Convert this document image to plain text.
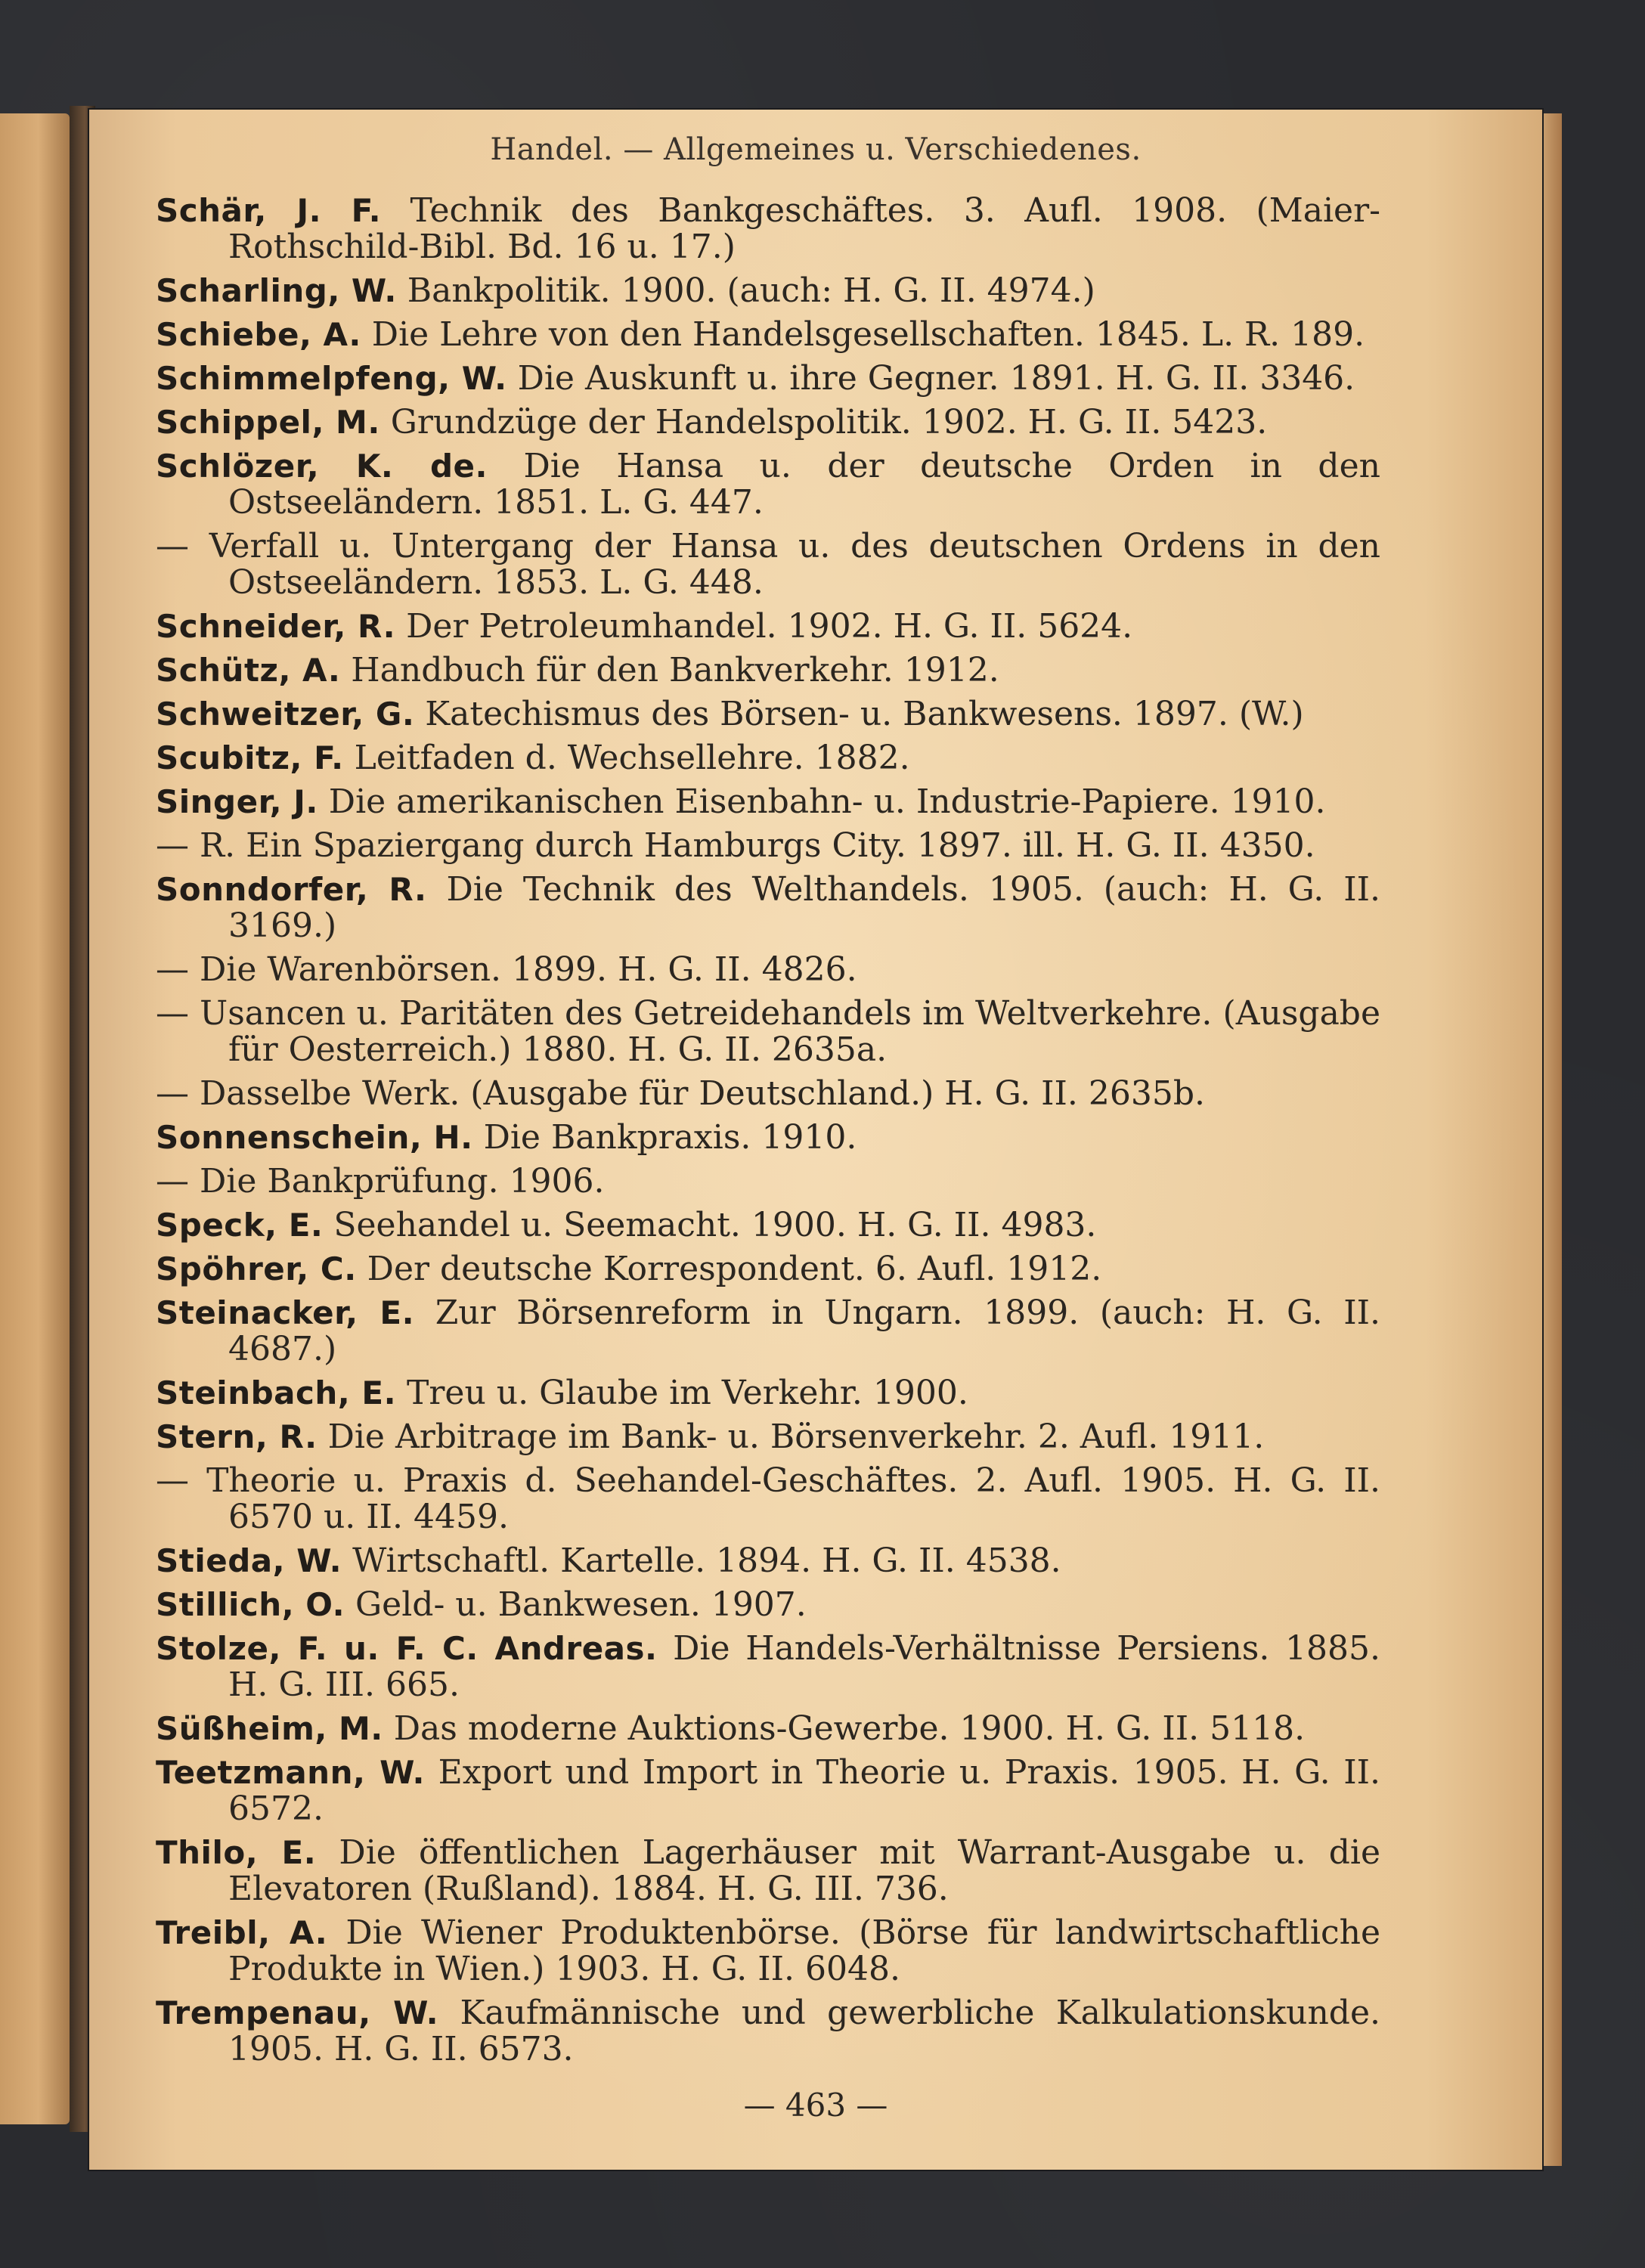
Handel. — Allgemeines u. Verschiedenes.
Schär, J. F. Technik des Bankgeschäftes. 3. Aufl. 1908. (Maier-Rothschild-Bibl. Bd. 16 u. 17.)
Scharling, W. Bankpolitik. 1900. (auch: H. G. II. 4974.)
Schiebe, A. Die Lehre von den Handelsgesellschaften. 1845. L. R. 189.
Schimmelpfeng, W. Die Auskunft u. ihre Gegner. 1891. H. G. II. 3346.
Schippel, M. Grundzüge der Handelspolitik. 1902. H. G. II. 5423.
Schlözer, K. de. Die Hansa u. der deutsche Orden in den Ostseeländern. 1851. L. G. 447.
— Verfall u. Untergang der Hansa u. des deutschen Ordens in den Ostseeländern. 1853. L. G. 448.
Schneider, R. Der Petroleumhandel. 1902. H. G. II. 5624.
Schütz, A. Handbuch für den Bankverkehr. 1912.
Schweitzer, G. Katechismus des Börsen- u. Bankwesens. 1897. (W.)
Scubitz, F. Leitfaden d. Wechsellehre. 1882.
Singer, J. Die amerikanischen Eisenbahn- u. Industrie-Papiere. 1910.
— R. Ein Spaziergang durch Hamburgs City. 1897. ill. H. G. II. 4350.
Sonndorfer, R. Die Technik des Welthandels. 1905. (auch: H. G. II. 3169.)
— Die Warenbörsen. 1899. H. G. II. 4826.
— Usancen u. Paritäten des Getreidehandels im Weltverkehre. (Ausgabe für Oesterreich.) 1880. H. G. II. 2635a.
— Dasselbe Werk. (Ausgabe für Deutschland.) H. G. II. 2635b.
Sonnenschein, H. Die Bankpraxis. 1910.
— Die Bankprüfung. 1906.
Speck, E. Seehandel u. Seemacht. 1900. H. G. II. 4983.
Spöhrer, C. Der deutsche Korrespondent. 6. Aufl. 1912.
Steinacker, E. Zur Börsenreform in Ungarn. 1899. (auch: H. G. II. 4687.)
Steinbach, E. Treu u. Glaube im Verkehr. 1900.
Stern, R. Die Arbitrage im Bank- u. Börsenverkehr. 2. Aufl. 1911.
— Theorie u. Praxis d. Seehandel-Geschäftes. 2. Aufl. 1905. H. G. II. 6570 u. II. 4459.
Stieda, W. Wirtschaftl. Kartelle. 1894. H. G. II. 4538.
Stillich, O. Geld- u. Bankwesen. 1907.
Stolze, F. u. F. C. Andreas. Die Handels-Verhältnisse Persiens. 1885. H. G. III. 665.
Süßheim, M. Das moderne Auktions-Gewerbe. 1900. H. G. II. 5118.
Teetzmann, W. Export und Import in Theorie u. Praxis. 1905. H. G. II. 6572.
Thilo, E. Die öffentlichen Lagerhäuser mit Warrant-Ausgabe u. die Elevatoren (Rußland). 1884. H. G. III. 736.
Treibl, A. Die Wiener Produktenbörse. (Börse für landwirtschaftliche Produkte in Wien.) 1903. H. G. II. 6048.
Trempenau, W. Kaufmännische und gewerbliche Kalkulationskunde. 1905. H. G. II. 6573.
— 463 —
